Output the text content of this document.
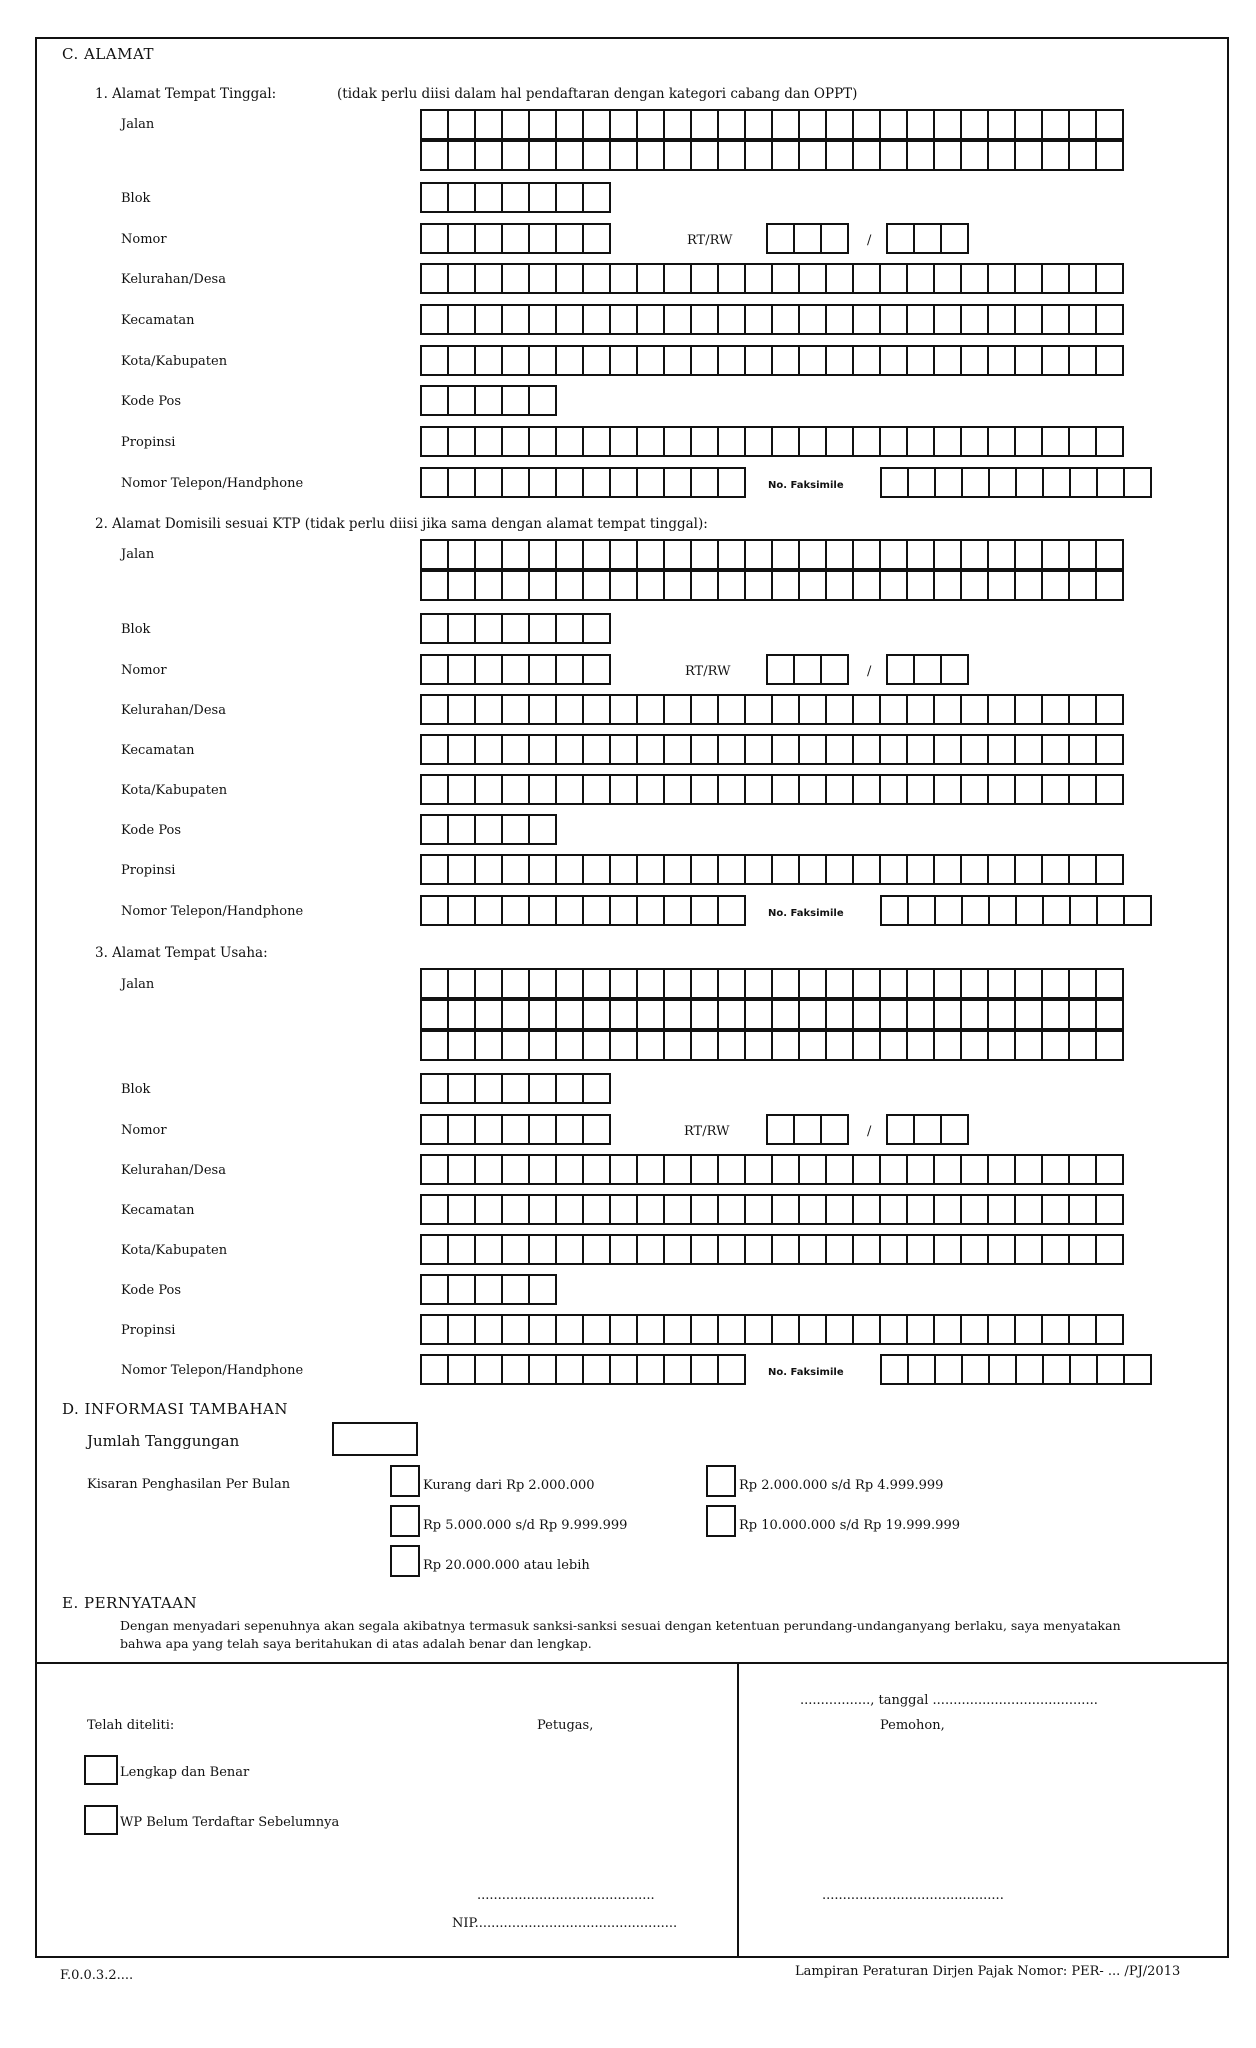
C. ALAMAT
1. Alamat Tempat Tinggal:	(tidak perlu diisi dalam hal pendaftaran dengan kategori cabang dan OPPT)
Jalan
Blok
Nomor	RT/RW	/
Kelurahan/Desa
Kecamatan
Kota/Kabupaten
Kode Pos
Propinsi
Nomor Telepon/Handphone	No. Faksimile
2. Alamat Domisili sesuai KTP (tidak perlu diisi jika sama dengan alamat tempat tinggal):
Jalan
Blok
Nomor	RT/RW	/
Kelurahan/Desa
Kecamatan
Kota/Kabupaten
Kode Pos
Propinsi
Nomor Telepon/Handphone	No. Faksimile
3. Alamat Tempat Usaha:
Jalan
Blok
Nomor	RT/RW	/
Kelurahan/Desa
Kecamatan
Kota/Kabupaten
Kode Pos
Propinsi
Nomor Telepon/Handphone	No. Faksimile
D. INFORMASI TAMBAHAN
Jumlah Tanggungan
Kisaran Penghasilan Per Bulan	Kurang dari Rp 2.000.000	Rp 2.000.000 s/d Rp 4.999.999
Rp 5.000.000 s/d Rp 9.999.999	Rp 10.000.000 s/d Rp 19.999.999
Rp 20.000.000 atau lebih
E. PERNYATAAN
Dengan menyadari sepenuhnya akan segala akibatnya termasuk sanksi-sanksi sesuai dengan ketentuan perundang-undanganyang berlaku, saya menyatakan
bahwa apa yang telah saya beritahukan di atas adalah benar dan lengkap.
Telah diteliti:	Petugas,
Lengkap dan Benar
WP Belum Terdaftar Sebelumnya
...........................................
NIP.................................................
................., tanggal ........................................
Pemohon,
............................................
F.0.0.3.2....	Lampiran Peraturan Dirjen Pajak Nomor: PER- ... /PJ/2013
